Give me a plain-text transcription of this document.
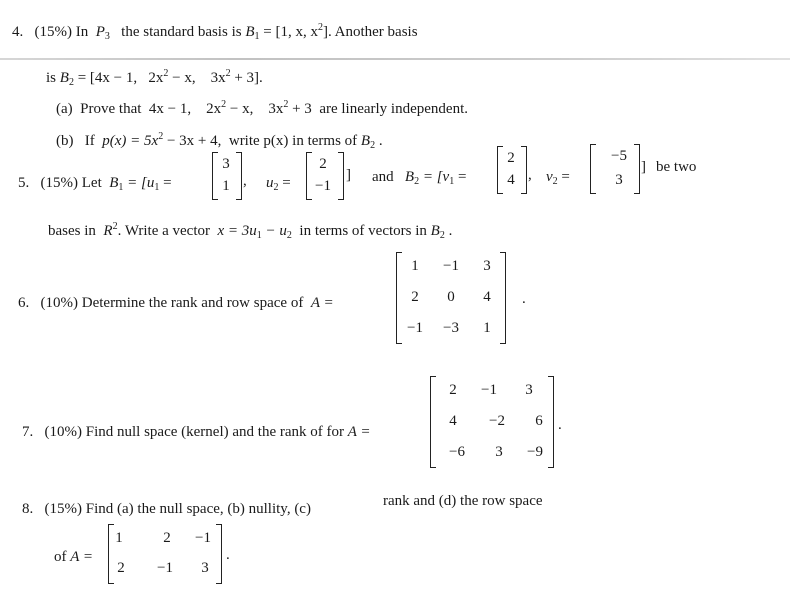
4. (15%) In $P_3$ the standard basis is $B_1 = [1$, x, $x^2$]. Another basis
is $B_2 = [4x - 1$, $2x^2 - x$, $3x^2 + 3$].
(a) Prove that 4x − 1, $2x^2 - x$, $3x^2 + 3$ are linearly independent.
(b) If $p(x) = 5x^2 - 3x + 4$, write p(x) in terms of $B_2$ .
5. (15%) Let $B_1 = [u_1$ =
3
1 , $u_2$ =
2
−1
] and $B_2 = [v_1$ =
2
4 , $v_2$ =
−5
3
] be two
bases in $R^2$. Write a vector $x = 3u_1 - u_2$ in terms of vectors in $B_2$ .
6. (10%) Determine the rank and row space of A =
1	−1	3
2	0	4
−1	−3	1
.
7. (10%) Find null space (kernel) and the rank of for A =
2	−1	3
4	−2	6
−6	3	−9
.
8. (15%) Find (a) the null space, (b) nullity, (c)	rank and (d) the row space
of A =
1	2	−1
2	−1	3
.
